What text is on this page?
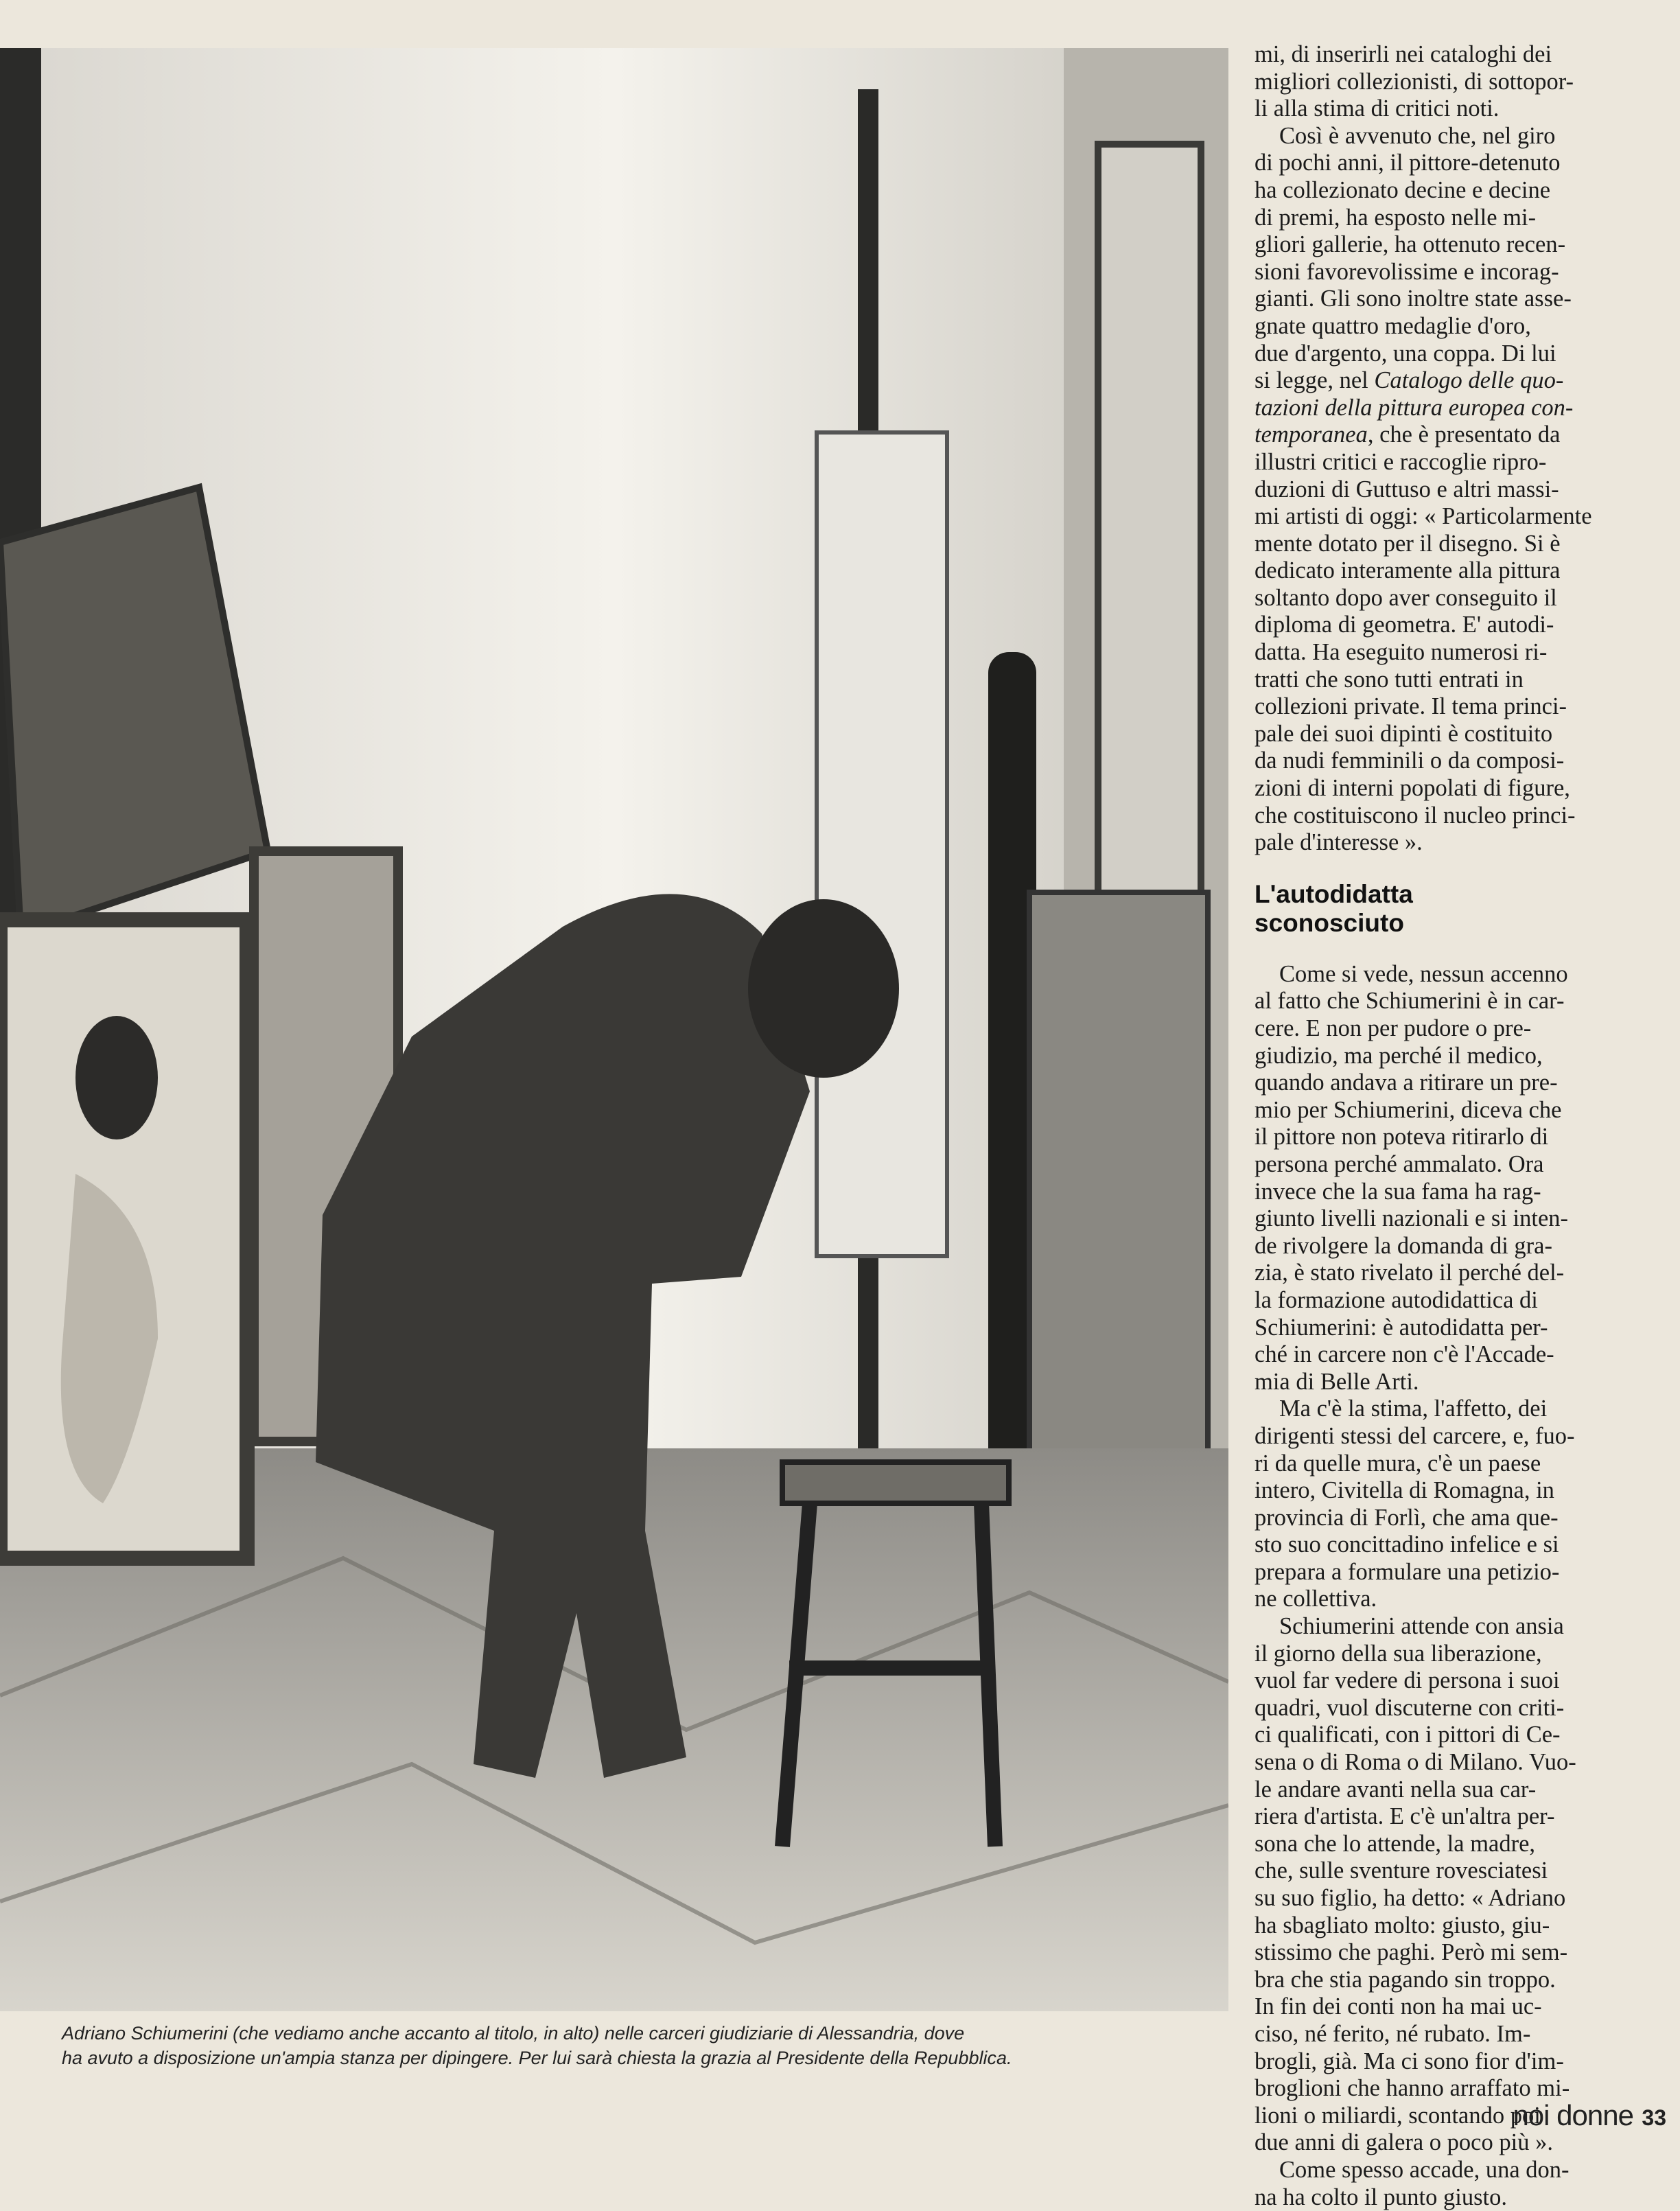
Adriano Schiumerini (che vediamo anche accanto al titolo, in alto) nelle carceri giudiziarie di Alessandria, dove
ha avuto a disposizione un'ampia stanza per dipingere. Per lui sarà chiesta la grazia al Presidente della Repubblica.

mi, di inserirli nei cataloghi dei
migliori collezionisti, di sottopor-
li alla stima di critici noti.

Così è avvenuto che, nel giro
di pochi anni, il pittore-detenuto
ha collezionato decine e decine
di premi, ha esposto nelle mi-
gliori gallerie, ha ottenuto recen-
sioni favorevolissime e incorag-
gianti. Gli sono inoltre state asse-
gnate quattro medaglie d'oro,
due d'argento, una coppa. Di lui
si legge, nel Catalogo delle quo-
tazioni della pittura europea con-
temporanea, che è presentato da
illustri critici e raccoglie ripro-
duzioni di Guttuso e altri massi-
mi artisti di oggi: « Particolarmente
mente dotato per il disegno. Si è
dedicato interamente alla pittura
soltanto dopo aver conseguito il
diploma di geometra. E' autodi-
datta. Ha eseguito numerosi ri-
tratti che sono tutti entrati in
collezioni private. Il tema princi-
pale dei suoi dipinti è costituito
da nudi femminili o da composi-
zioni di interni popolati di figure,
che costituiscono il nucleo princi-
pale d'interesse ».

L'autodidatta
sconosciuto

Come si vede, nessun accenno
al fatto che Schiumerini è in car-
cere. E non per pudore o pre-
giudizio, ma perché il medico,
quando andava a ritirare un pre-
mio per Schiumerini, diceva che
il pittore non poteva ritirarlo di
persona perché ammalato. Ora
invece che la sua fama ha rag-
giunto livelli nazionali e si inten-
de rivolgere la domanda di gra-
zia, è stato rivelato il perché del-
la formazione autodidattica di
Schiumerini: è autodidatta per-
ché in carcere non c'è l'Accade-
mia di Belle Arti.

Ma c'è la stima, l'affetto, dei
dirigenti stessi del carcere, e, fuo-
ri da quelle mura, c'è un paese
intero, Civitella di Romagna, in
provincia di Forlì, che ama que-
sto suo concittadino infelice e si
prepara a formulare una petizio-
ne collettiva.

Schiumerini attende con ansia
il giorno della sua liberazione,
vuol far vedere di persona i suoi
quadri, vuol discuterne con criti-
ci qualificati, con i pittori di Ce-
sena o di Roma o di Milano. Vuo-
le andare avanti nella sua car-
riera d'artista. E c'è un'altra per-
sona che lo attende, la madre,
che, sulle sventure rovesciatesi
su suo figlio, ha detto: « Adriano
ha sbagliato molto: giusto, giu-
stissimo che paghi. Però mi sem-
bra che stia pagando sin troppo.
In fin dei conti non ha mai uc-
ciso, né ferito, né rubato. Im-
brogli, già. Ma ci sono fior d'im-
broglioni che hanno arraffato mi-
lioni o miliardi, scontando poi
due anni di galera o poco più ».

Come spesso accade, una don-
na ha colto il punto giusto.

noi donne 33
